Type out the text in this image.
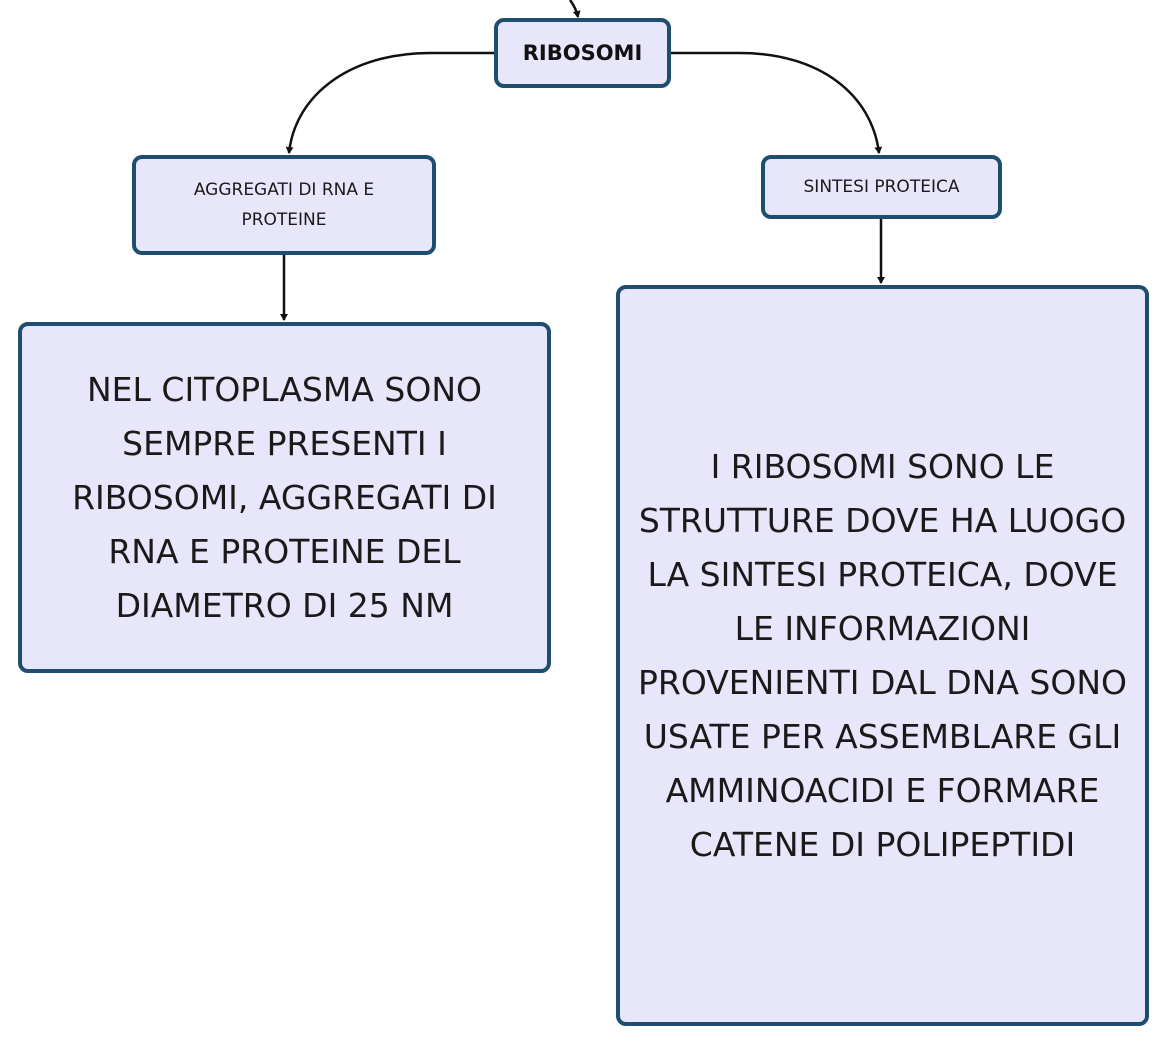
RIBOSOMI
AGGREGATI DI RNA E PROTEINE
SINTESI PROTEICA
NEL CITOPLASMA SONO SEMPRE PRESENTI I RIBOSOMI, AGGREGATI DI RNA E PROTEINE DEL DIAMETRO DI 25 NM
I RIBOSOMI SONO LE STRUTTURE DOVE HA LUOGO LA SINTESI PROTEICA, DOVE LE INFORMAZIONI PROVENIENTI DAL DNA SONO USATE PER ASSEMBLARE GLI AMMINOACIDI E FORMARE CATENE DI POLIPEPTIDI
